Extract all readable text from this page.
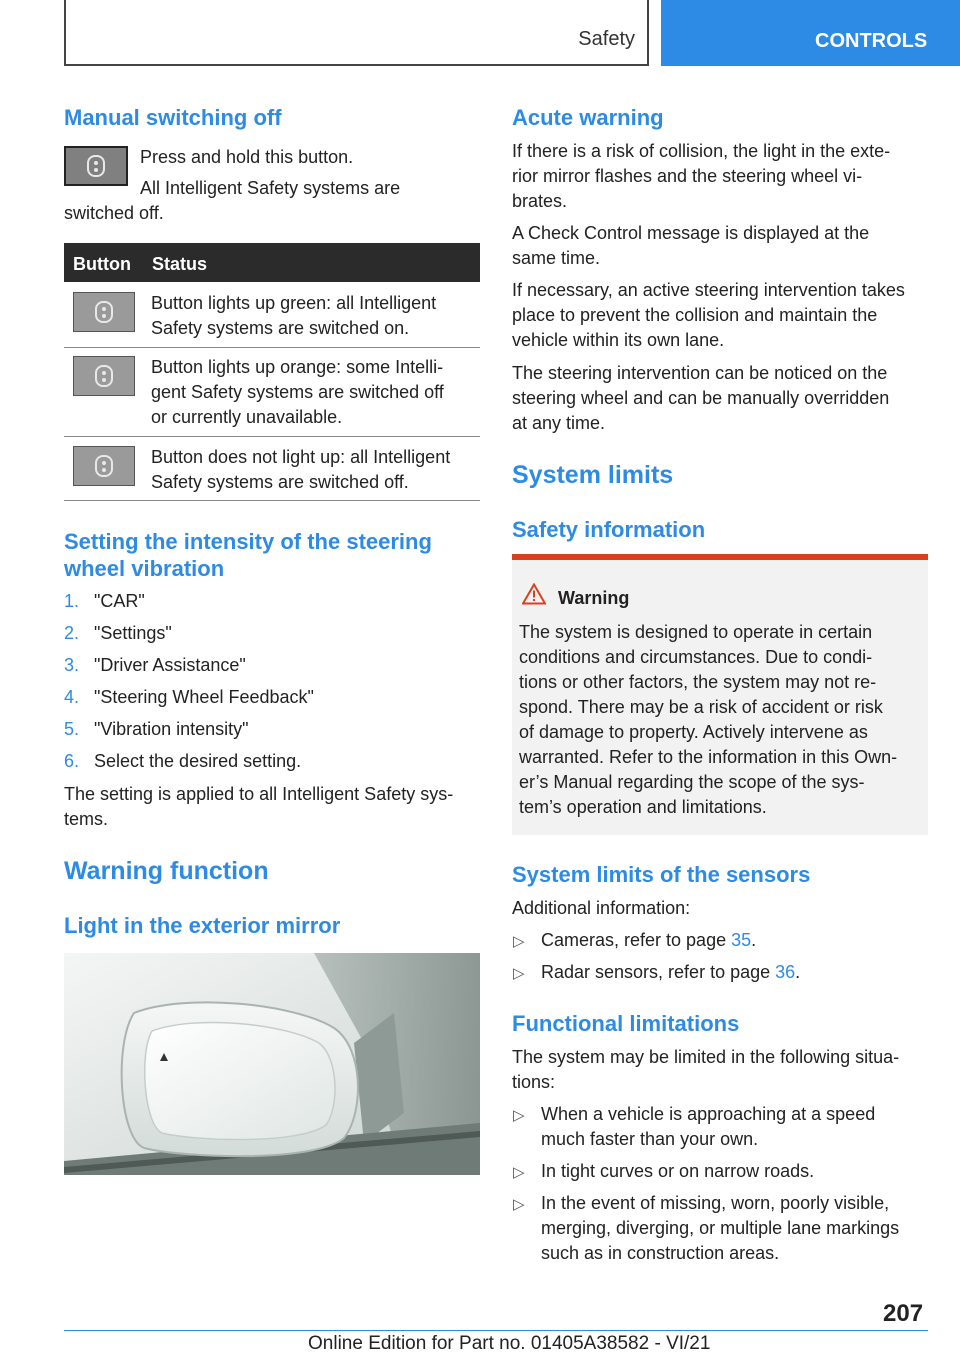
Safety	CONTROLS
Manual switching off
Press and hold this button.
All Intelligent Safety systems are
switched off.
Button Status
Button lights up green: all Intelligent
Safety systems are switched on.
Button lights up orange: some Intelli-
gent Safety systems are switched off
or currently unavailable.
Button does not light up: all Intelligent
Safety systems are switched off.
Setting the intensity of the steering
wheel vibration
1. "CAR"
2. "Settings"
3. "Driver Assistance"
4. "Steering Wheel Feedback"
5. "Vibration intensity"
6. Select the desired setting.
The setting is applied to all Intelligent Safety sys-
tems.
Warning function
Light in the exterior mirror
Acute warning
If there is a risk of collision, the light in the exte-
rior mirror flashes and the steering wheel vi-
brates.
A Check Control message is displayed at the
same time.
If necessary, an active steering intervention takes
place to prevent the collision and maintain the
vehicle within its own lane.
The steering intervention can be noticed on the
steering wheel and can be manually overridden
at any time.
System limits
Safety information
Warning
The system is designed to operate in certain
conditions and circumstances. Due to condi-
tions or other factors, the system may not re-
spond. There may be a risk of accident or risk
of damage to property. Actively intervene as
warranted. Refer to the information in this Own-
er’s Manual regarding the scope of the sys-
tem’s operation and limitations.
System limits of the sensors
Additional information:
▷ Cameras, refer to page 35.
▷ Radar sensors, refer to page 36.
Functional limitations
The system may be limited in the following situa-
tions:
▷ When a vehicle is approaching at a speed
much faster than your own.
▷ In tight curves or on narrow roads.
▷ In the event of missing, worn, poorly visible,
merging, diverging, or multiple lane markings
such as in construction areas.
207
Online Edition for Part no. 01405A38582 - VI/21
